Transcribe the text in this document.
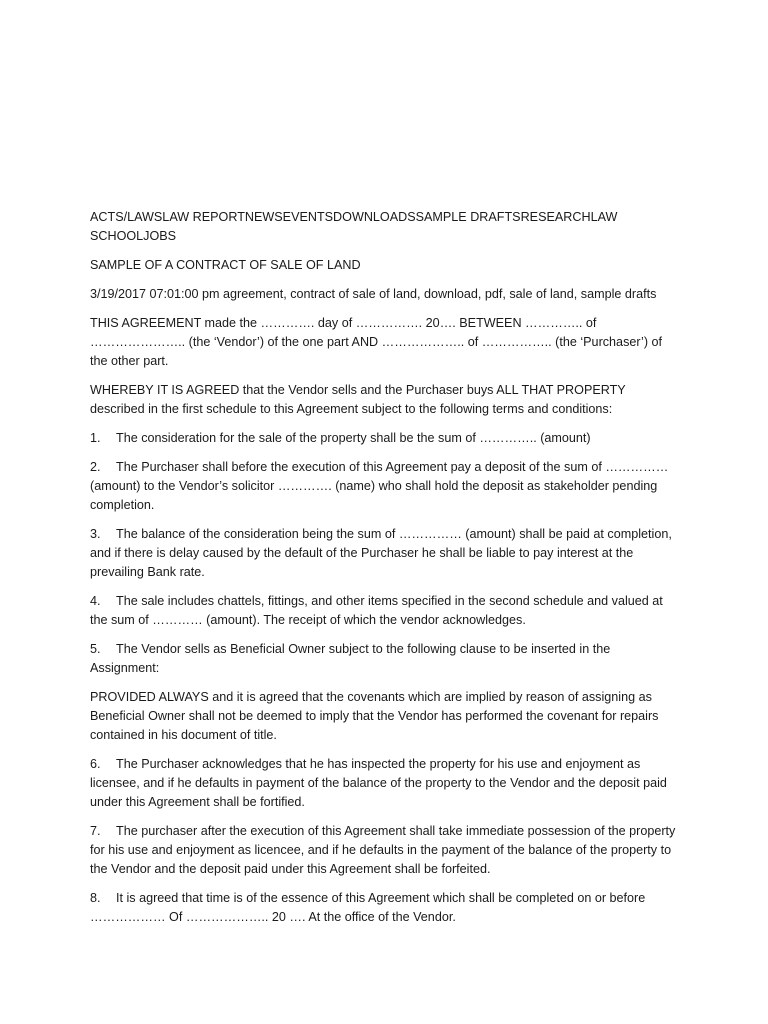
ACTS/LAWSLAW REPORTNEWSEVENTSDOWNLOADSSAMPLE DRAFTSRESEARCHLAW SCHOOLJOBS

SAMPLE OF A CONTRACT OF SALE OF LAND

3/19/2017 07:01:00 pm agreement, contract of sale of land, download, pdf, sale of land, sample drafts

THIS AGREEMENT made the …………. day of ……………. 20…. BETWEEN ………….. of ………………….. (the ‘Vendor’) of the one part AND ……………….. of …………….. (the ‘Purchaser’) of the other part.

WHEREBY IT IS AGREED that the Vendor sells and the Purchaser buys ALL THAT PROPERTY described in the first schedule to this Agreement subject to the following terms and conditions:

1. The consideration for the sale of the property shall be the sum of ………….. (amount)

2. The Purchaser shall before the execution of this Agreement pay a deposit of the sum of …………… (amount) to the Vendor’s solicitor …………. (name) who shall hold the deposit as stakeholder pending completion.

3. The balance of the consideration being the sum of …………… (amount) shall be paid at completion, and if there is delay caused by the default of the Purchaser he shall be liable to pay interest at the prevailing Bank rate.

4. The sale includes chattels, fittings, and other items specified in the second schedule and valued at the sum of ………… (amount). The receipt of which the vendor acknowledges.

5. The Vendor sells as Beneficial Owner subject to the following clause to be inserted in the Assignment:

PROVIDED ALWAYS and it is agreed that the covenants which are implied by reason of assigning as Beneficial Owner shall not be deemed to imply that the Vendor has performed the covenant for repairs contained in his document of title.

6. The Purchaser acknowledges that he has inspected the property for his use and enjoyment as licensee, and if he defaults in payment of the balance of the property to the Vendor and the deposit paid under this Agreement shall be fortified.

7. The purchaser after the execution of this Agreement shall take immediate possession of the property for his use and enjoyment as licencee, and if he defaults in the payment of the balance of the property to the Vendor and the deposit paid under this Agreement shall be forfeited.

8. It is agreed that time is of the essence of this Agreement which shall be completed on or before ……………… Of ……………….. 20 …. At the office of the Vendor.
